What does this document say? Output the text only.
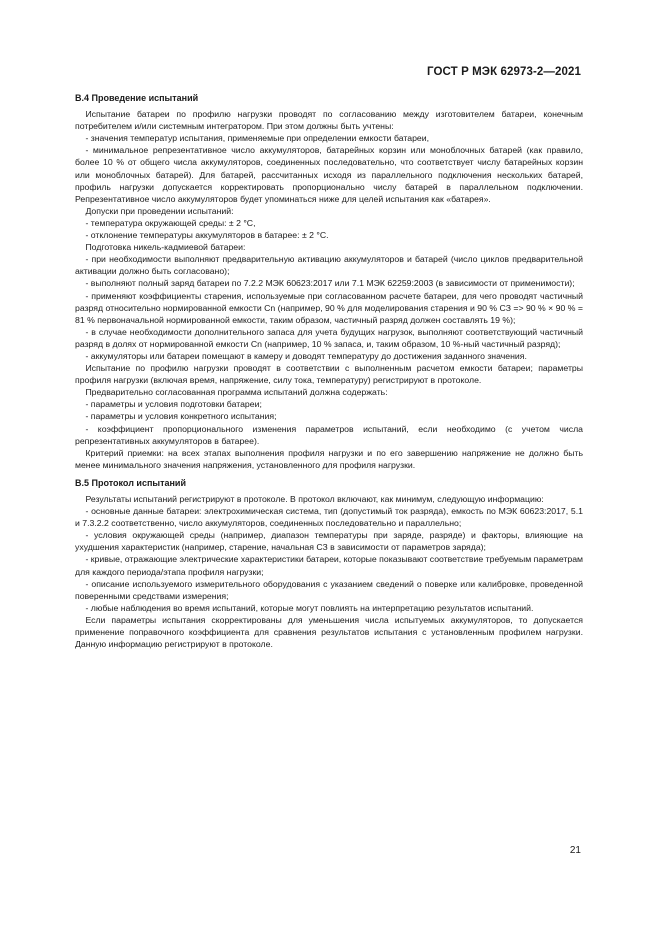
ГОСТ Р МЭК 62973-2—2021
В.4 Проведение испытаний

Испытание батареи по профилю нагрузки проводят по согласованию между изготовителем батареи, конечным потребителем и/или системным интегратором. При этом должны быть учтены:

- значения температур испытания, применяемые при определении емкости батареи,

- минимальное репрезентативное число аккумуляторов, батарейных корзин или моноблочных батарей (как правило, более 10 % от общего числа аккумуляторов, соединенных последовательно, что соответствует числу батарейных корзин или моноблочных батарей). Для батарей, рассчитанных исходя из параллельного подключения нескольких батарей, профиль нагрузки допускается корректировать пропорционально числу батарей в параллельном подключении. Репрезентативное число аккумуляторов будет упоминаться ниже для целей испытания как «батарея».

Допуски при проведении испытаний:

- температура окружающей среды: ± 2 °С,

- отклонение температуры аккумуляторов в батарее: ± 2 °С.

Подготовка никель-кадмиевой батареи:

- при необходимости выполняют предварительную активацию аккумуляторов и батарей (число циклов предварительной активации должно быть согласовано);

- выполняют полный заряд батареи по 7.2.2 МЭК 60623:2017 или 7.1 МЭК 62259:2003 (в зависимости от применимости);

- применяют коэффициенты старения, используемые при согласованном расчете батареи, для чего проводят частичный разряд относительно нормированной емкости Cn (например, 90 % для моделирования старения и 90 % СЗ => 90 % × 90 % = 81 % первоначальной нормированной емкости, таким образом, частичный разряд должен составлять 19 %);

- в случае необходимости дополнительного запаса для учета будущих нагрузок, выполняют соответствующий частичный разряд в долях от нормированной емкости Cn (например, 10 % запаса, и, таким образом, 10 %-ный частичный разряд);

- аккумуляторы или батареи помещают в камеру и доводят температуру до достижения заданного значения.

Испытание по профилю нагрузки проводят в соответствии с выполненным расчетом емкости батареи; параметры профиля нагрузки (включая время, напряжение, силу тока, температуру) регистрируют в протоколе.

Предварительно согласованная программа испытаний должна содержать:

- параметры и условия подготовки батареи;

- параметры и условия конкретного испытания;

- коэффициент пропорционального изменения параметров испытаний, если необходимо (с учетом числа репрезентативных аккумуляторов в батарее).

Критерий приемки: на всех этапах выполнения профиля нагрузки и по его завершению напряжение не должно быть менее минимального значения напряжения, установленного для профиля нагрузки.

В.5 Протокол испытаний

Результаты испытаний регистрируют в протоколе. В протокол включают, как минимум, следующую информацию:

- основные данные батареи: электрохимическая система, тип (допустимый ток разряда), емкость по МЭК 60623:2017, 5.1 и 7.3.2.2 соответственно, число аккумуляторов, соединенных последовательно и параллельно;

- условия окружающей среды (например, диапазон температуры при заряде, разряде) и факторы, влияющие на ухудшения характеристик (например, старение, начальная СЗ в зависимости от параметров заряда);

- кривые, отражающие электрические характеристики батареи, которые показывают соответствие требуемым параметрам для каждого периода/этапа профиля нагрузки;

- описание используемого измерительного оборудования с указанием сведений о поверке или калибровке, проведенной поверенными средствами измерения;

- любые наблюдения во время испытаний, которые могут повлиять на интерпретацию результатов испытаний.

Если параметры испытания скорректированы для уменьшения числа испытуемых аккумуляторов, то допускается применение поправочного коэффициента для сравнения результатов испытания с установленным профилем нагрузки. Данную информацию регистрируют в протоколе.

21
